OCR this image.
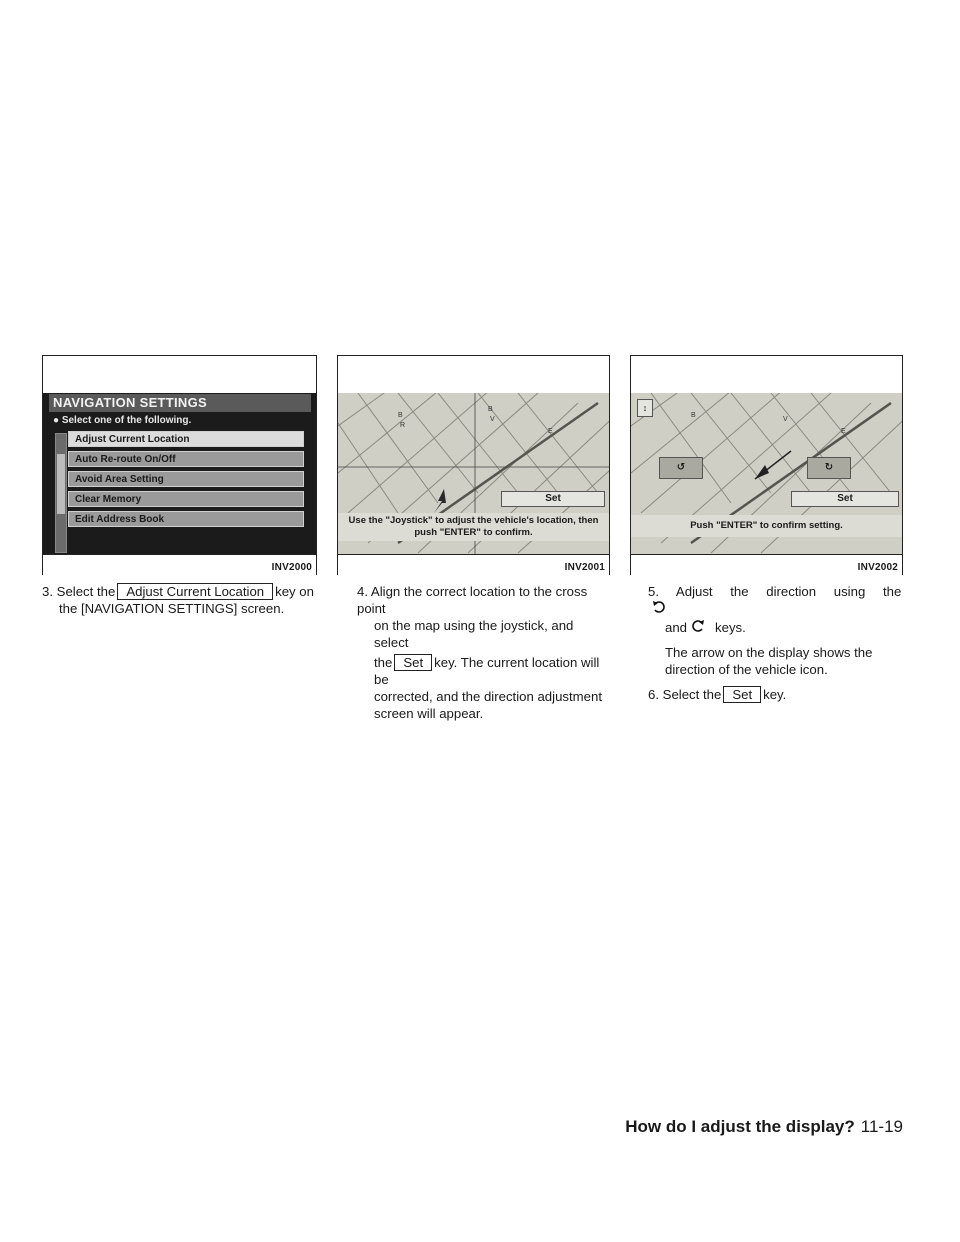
NAVIGATION SETTINGS
● Select one of the following.
Adjust Current Location
Auto Re-route On/Off
Avoid Area Setting
Clear Memory
Edit Address Book
INV2000
B
R
B
V
E
Set
Use the "Joystick" to adjust the vehicle's location, then
push "ENTER" to confirm.
INV2001
B
V
E
↕
↺	↻
Set
Push "ENTER" to confirm setting.
INV2002

3. Select the Adjust Current Location key on

the [NAVIGATION SETTINGS] screen.

4. Align the correct location to the cross point

on the map using the joystick, and select

the Set key. The current location will be

corrected, and the direction adjustment

screen will appear.

5. Adjust the direction using the

and keys.

The arrow on the display shows the direction of the vehicle icon.

6. Select the Set key.

How do I adjust the display? 11-19
